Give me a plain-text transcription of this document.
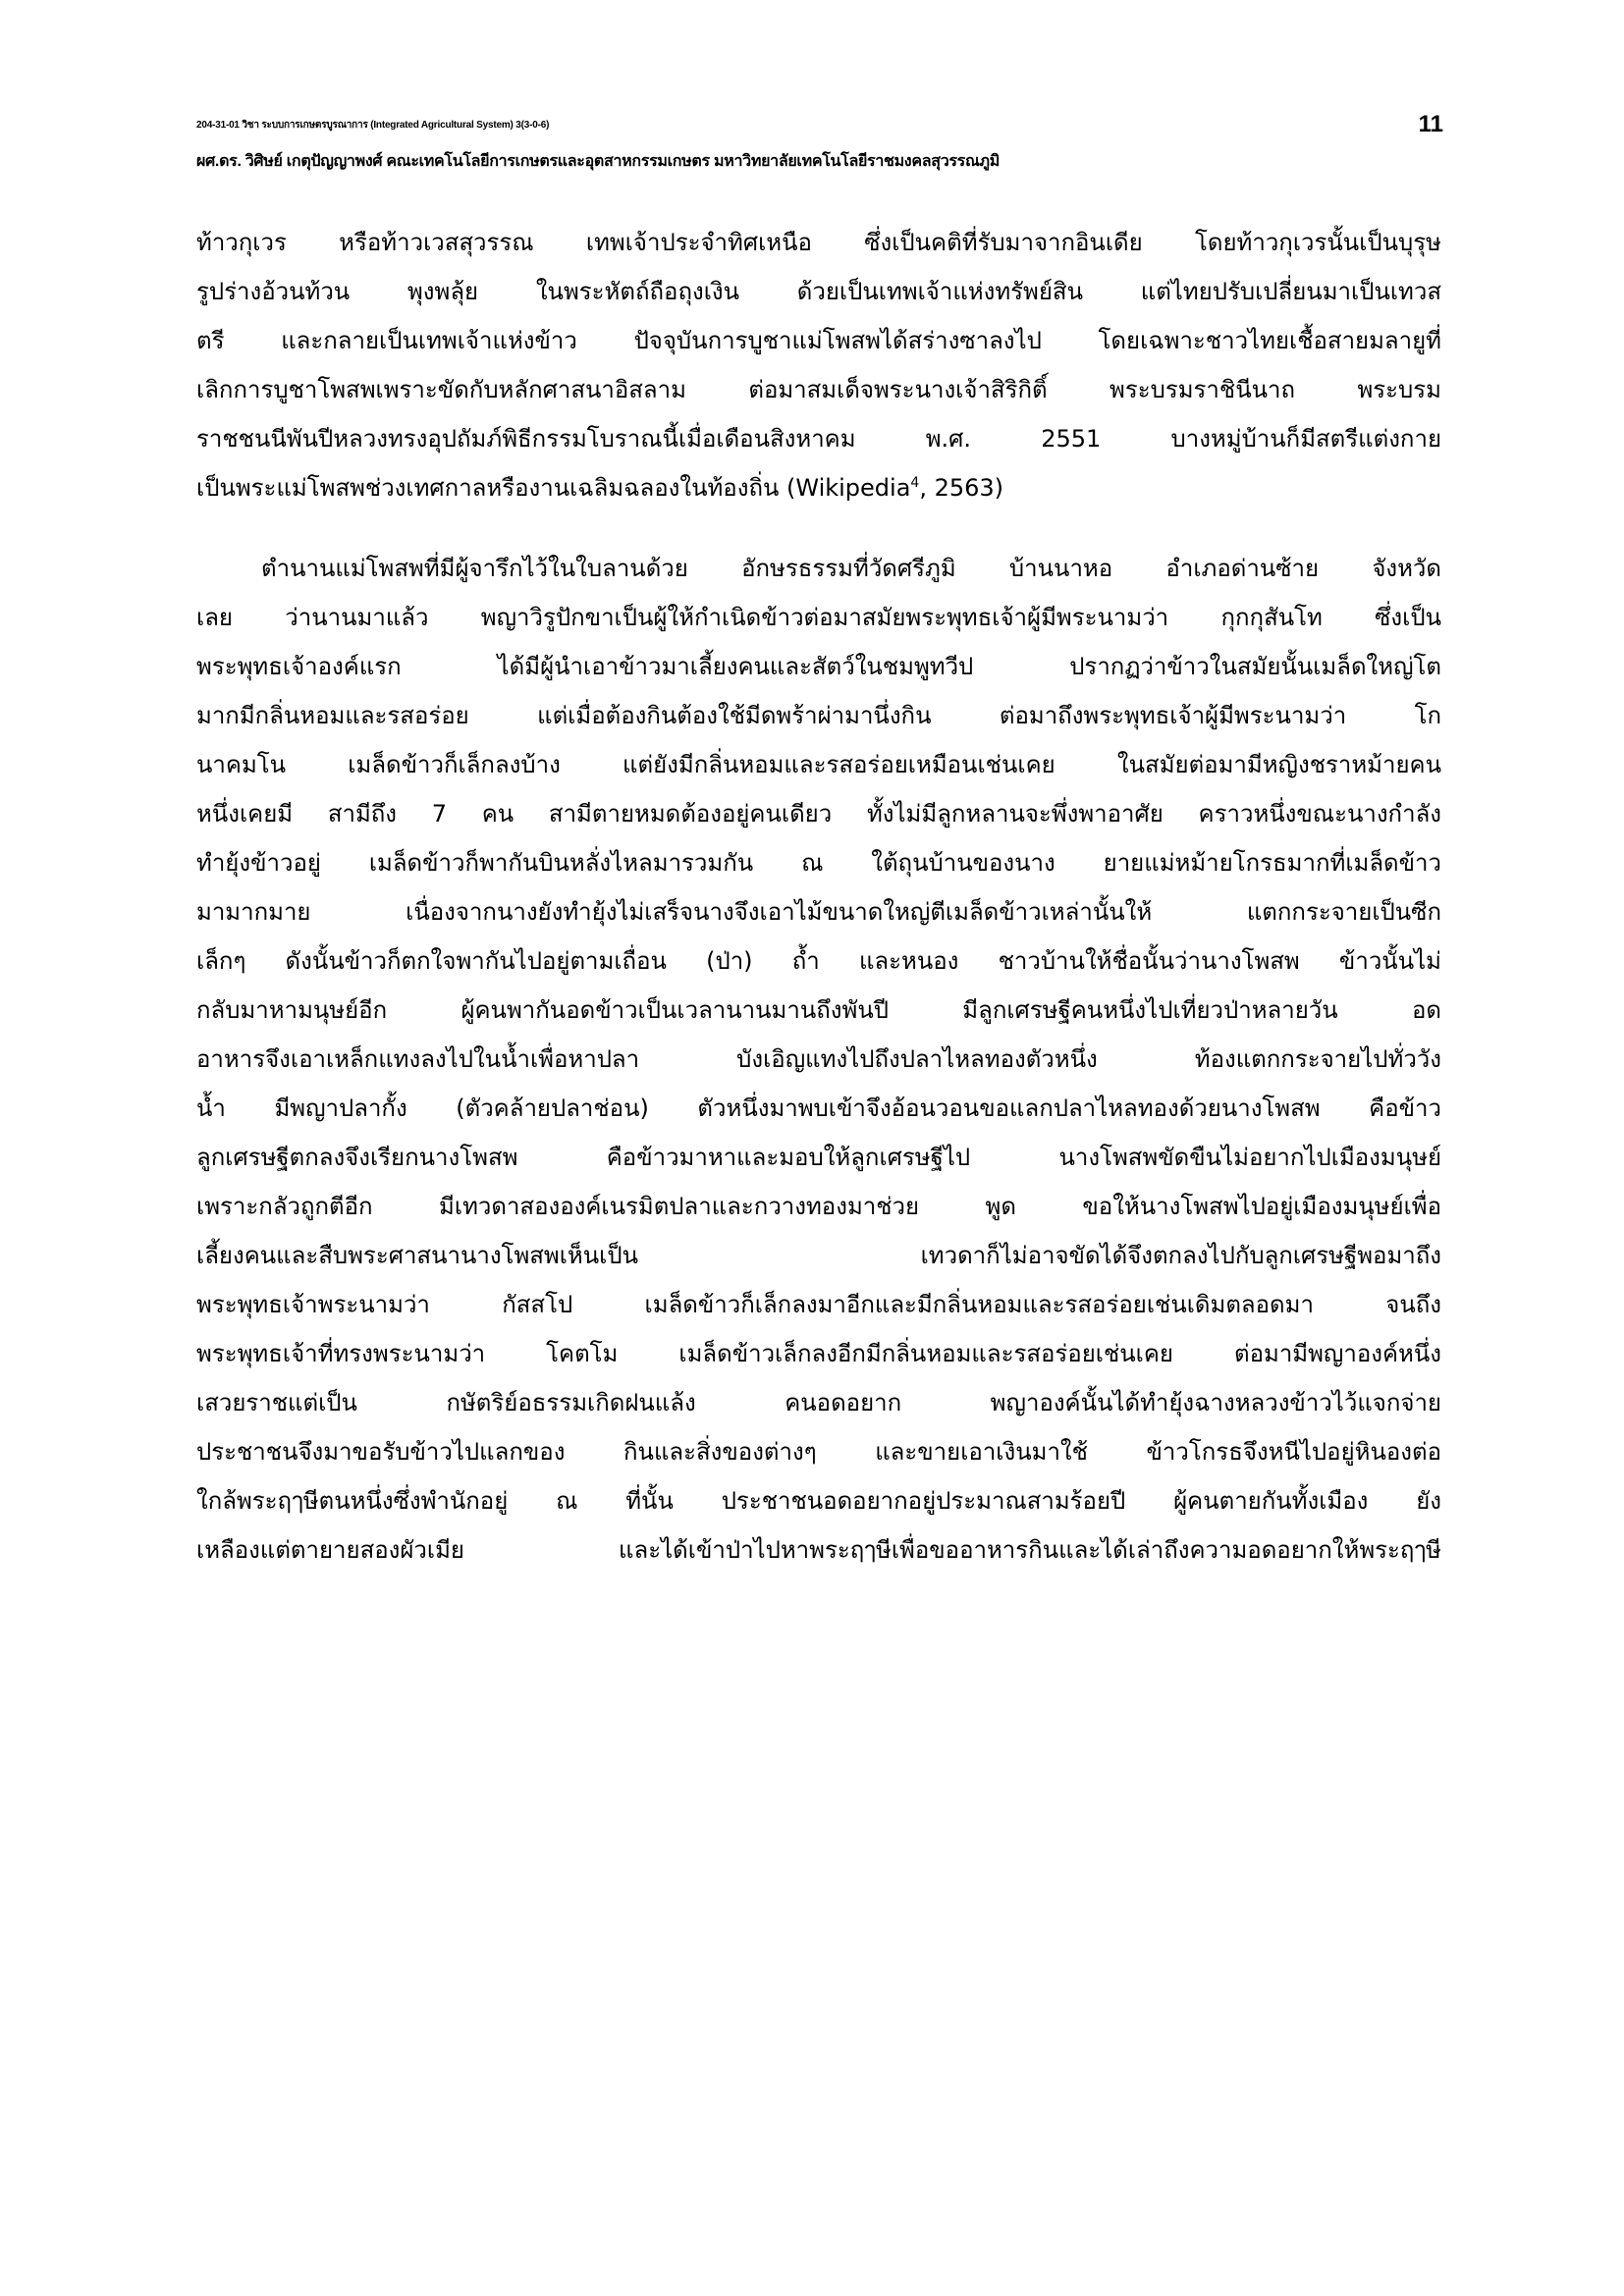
204-31-01 วิชา ระบบการเกษตรบูรณาการ (Integrated Agricultural System) 3(3-0-6)	11
ผศ.ดร. วิศิษย์ เกตุปัญญาพงศ์ คณะเทคโนโลยีการเกษตรและอุตสาหกรรมเกษตร มหาวิทยาลัยเทคโนโลยีราชมงคลสุวรรณภูมิ
ท้าวกุเวร หรือท้าวเวสสุวรรณ เทพเจ้าประจำทิศเหนือ ซึ่งเป็นคติที่รับมาจากอินเดีย โดยท้าวกุเวรนั้นเป็นบุรุษ
รูปร่างอ้วนท้วน พุงพลุ้ย ในพระหัตถ์ถือถุงเงิน ด้วยเป็นเทพเจ้าแห่งทรัพย์สิน แต่ไทยปรับเปลี่ยนมาเป็นเทวส
ตรี และกลายเป็นเทพเจ้าแห่งข้าว ปัจจุบันการบูชาแม่โพสพได้สร่างซาลงไป โดยเฉพาะชาวไทยเชื้อสายมลายูที่
เลิกการบูชาโพสพเพราะขัดกับหลักศาสนาอิสลาม ต่อมาสมเด็จพระนางเจ้าสิริกิติ์ พระบรมราชินีนาถ พระบรม
ราชชนนีพันปีหลวงทรงอุปถัมภ์พิธีกรรมโบราณนี้เมื่อเดือนสิงหาคม พ.ศ. 2551 บางหมู่บ้านก็มีสตรีแต่งกาย
เป็นพระแม่โพสพช่วงเทศกาลหรืองานเฉลิมฉลองในท้องถิ่น (Wikipedia$^4$, 2563)
ตำนานแม่โพสพที่มีผู้จารึกไว้ในใบลานด้วย อักษรธรรมที่วัดศรีภูมิ บ้านนาหอ อำเภอด่านซ้าย จังหวัด
เลย ว่านานมาแล้ว พญาวิรูปักขาเป็นผู้ให้กำเนิดข้าวต่อมาสมัยพระพุทธเจ้าผู้มีพระนามว่า กุกกุสันโท ซึ่งเป็น
พระพุทธเจ้าองค์แรก ได้มีผู้นำเอาข้าวมาเลี้ยงคนและสัตว์ในชมพูทวีป ปรากฏว่าข้าวในสมัยนั้นเมล็ดใหญ่โต
มากมีกลิ่นหอมและรสอร่อย แต่เมื่อต้องกินต้องใช้มีดพร้าผ่ามานึ่งกิน ต่อมาถึงพระพุทธเจ้าผู้มีพระนามว่า โก
นาคมโน เมล็ดข้าวก็เล็กลงบ้าง แต่ยังมีกลิ่นหอมและรสอร่อยเหมือนเช่นเคย ในสมัยต่อมามีหญิงชราหม้ายคน
หนึ่งเคยมี สามีถึง 7 คน สามีตายหมดต้องอยู่คนเดียว ทั้งไม่มีลูกหลานจะพึ่งพาอาศัย คราวหนึ่งขณะนางกำลัง
ทำยุ้งข้าวอยู่ เมล็ดข้าวก็พากันบินหลั่งไหลมารวมกัน ณ ใต้ถุนบ้านของนาง ยายแม่หม้ายโกรธมากที่เมล็ดข้าว
มามากมาย เนื่องจากนางยังทำยุ้งไม่เสร็จนางจึงเอาไม้ขนาดใหญ่ตีเมล็ดข้าวเหล่านั้นให้ แตกกระจายเป็นซีก
เล็กๆ ดังนั้นข้าวก็ตกใจพากันไปอยู่ตามเถื่อน (ป่า) ถ้ำ และหนอง ชาวบ้านให้ชื่อนั้นว่านางโพสพ ข้าวนั้นไม่
กลับมาหามนุษย์อีก ผู้คนพากันอดข้าวเป็นเวลานานมานถึงพันปี มีลูกเศรษฐีคนหนึ่งไปเที่ยวป่าหลายวัน อด
อาหารจึงเอาเหล็กแทงลงไปในน้ำเพื่อหาปลา บังเอิญแทงไปถึงปลาไหลทองตัวหนึ่ง ท้องแตกกระจายไปทั่ววัง
น้ำ มีพญาปลากั้ง (ตัวคล้ายปลาช่อน) ตัวหนึ่งมาพบเข้าจึงอ้อนวอนขอแลกปลาไหลทองด้วยนางโพสพ คือข้าว
ลูกเศรษฐีตกลงจึงเรียกนางโพสพ คือข้าวมาหาและมอบให้ลูกเศรษฐีไป นางโพสพขัดขืนไม่อยากไปเมืองมนุษย์
เพราะกลัวถูกตีอีก มีเทวดาสององค์เนรมิตปลาและกวางทองมาช่วย พูด ขอให้นางโพสพไปอยู่เมืองมนุษย์เพื่อ
เลี้ยงคนและสืบพระศาสนานางโพสพเห็นเป็น เทวดาก็ไม่อาจขัดได้จึงตกลงไปกับลูกเศรษฐีพอมาถึง
พระพุทธเจ้าพระนามว่า กัสสโป เมล็ดข้าวก็เล็กลงมาอีกและมีกลิ่นหอมและรสอร่อยเช่นเดิมตลอดมา จนถึง
พระพุทธเจ้าที่ทรงพระนามว่า โคตโม เมล็ดข้าวเล็กลงอีกมีกลิ่นหอมและรสอร่อยเช่นเคย ต่อมามีพญาองค์หนึ่ง
เสวยราชแต่เป็น กษัตริย์อธรรมเกิดฝนแล้ง คนอดอยาก พญาองค์นั้นได้ทำยุ้งฉางหลวงข้าวไว้แจกจ่าย
ประชาชนจึงมาขอรับข้าวไปแลกของ กินและสิ่งของต่างๆ และขายเอาเงินมาใช้ ข้าวโกรธจึงหนีไปอยู่หินองต่อ
ใกล้พระฤๅษีตนหนึ่งซึ่งพำนักอยู่ ณ ที่นั้น ประชาชนอดอยากอยู่ประมาณสามร้อยปี ผู้คนตายกันทั้งเมือง ยัง
เหลืองแต่ตายายสองผัวเมีย และได้เข้าป่าไปหาพระฤๅษีเพื่อขออาหารกินและได้เล่าถึงความอดอยากให้พระฤๅษี
